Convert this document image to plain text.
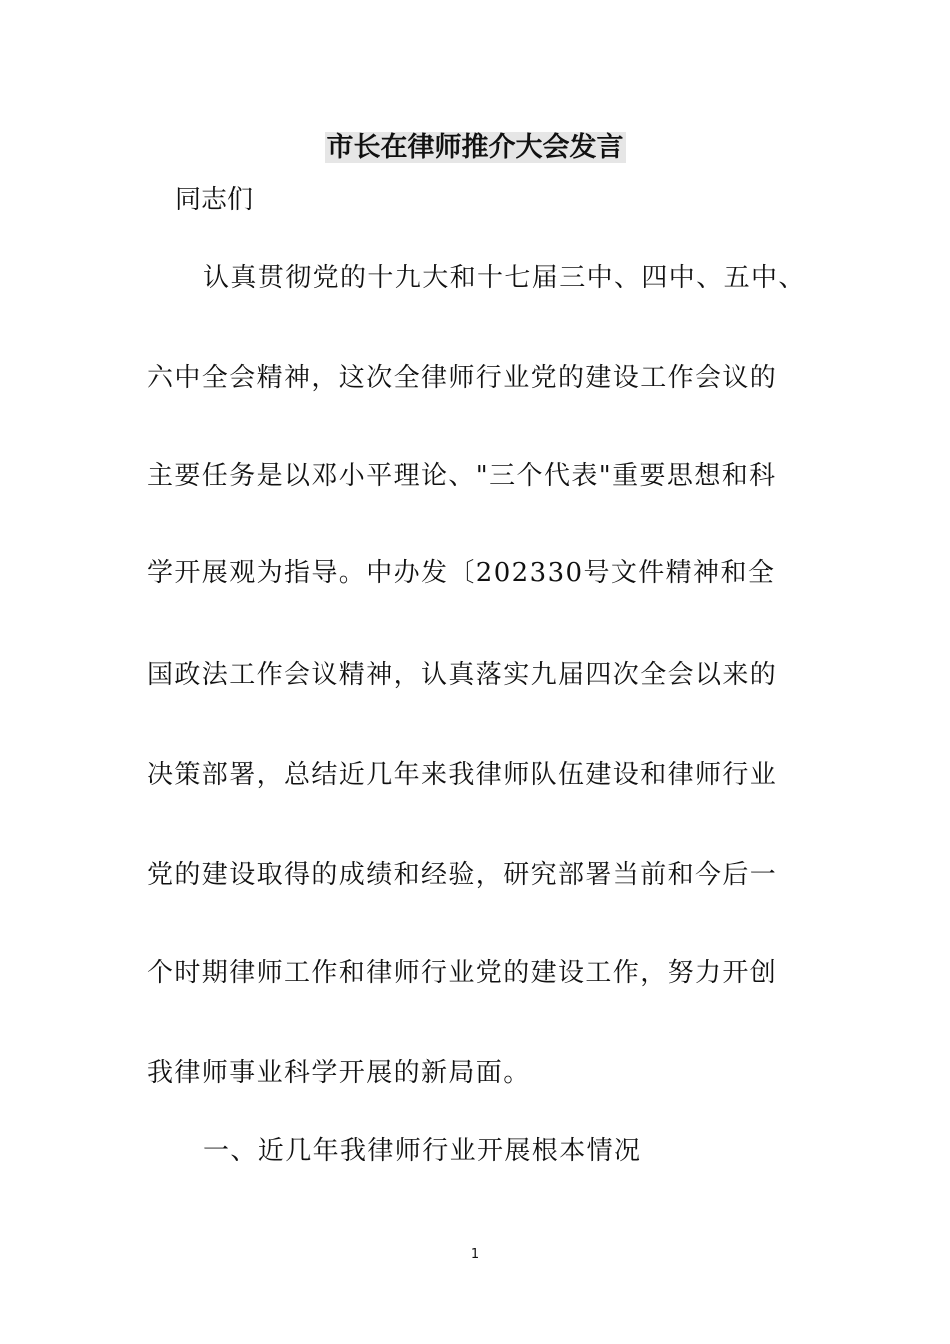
市长在律师推介大会发言
同志们
认真贯彻党的十九大和十七届三中、四中、五中、
六中全会精神，这次全律师行业党的建设工作会议的
主要任务是以邓小平理论、"三个代表"重要思想和科
学开展观为指导。中办发〔202330号文件精神和全
国政法工作会议精神，认真落实九届四次全会以来的
决策部署，总结近几年来我律师队伍建设和律师行业
党的建设取得的成绩和经验，研究部署当前和今后一
个时期律师工作和律师行业党的建设工作，努力开创
我律师事业科学开展的新局面。
一、近几年我律师行业开展根本情况
1
